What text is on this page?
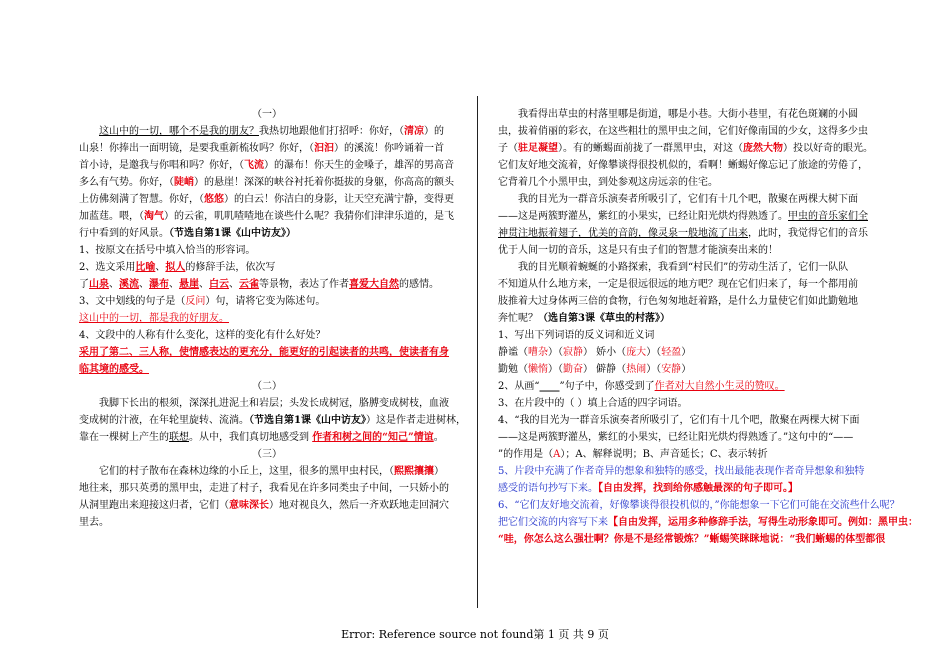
（一）
这山中的一切，哪个不是我的朋友？我热切地跟他们打招呼：你好，（清凉）的
山泉！你捧出一面明镜，是要我重新梳妆吗？你好，（汩汩）的溪流！你吟诵着一首
首小诗，是邀我与你唱和吗？你好，（飞流）的瀑布！你天生的金嗓子，雄浑的男高音
多么有气势。你好，（陡峭）的悬崖！深深的峡谷衬托着你挺拔的身躯，你高高的额头
上仿佛刻满了智慧。你好，（悠悠）的白云！你洁白的身影，让天空充满宁静，变得更
加蓝莛。喂，（淘气）的云雀，叽叽喳喳地在谈些什么呢？我猜你们津津乐道的，是飞
行中看到的好风景。（节选自第1课《山中访友》）
1、按原文在括号中填入恰当的形容词。
2、选文采用比喻、拟人的修辞手法，依次写
了山泉、溪流、瀑布、悬崖、白云、云雀等景物，表达了作者喜爱大自然的感情。
3、文中划线的句子是（反问）句，请将它变为陈述句。
这山中的一切，都是我的好朋友。
4、文段中的人称有什么变化，这样的变化有什么好处？
采用了第二、三人称，使情感表达的更充分，能更好的引起读者的共鸣，使读者有身
临其境的感受。
（二）
我脚下长出的根须，深深扎进泥土和岩层；头发长成树冠，胳膊变成树枝，血液
变成树的汁液，在年轮里旋转、流淌。（节选自第1课《山中访友》）这是作者走进树林，
靠在一棵树上产生的联想。从中，我们真切地感受到 作者和树之间的“知己”情谊。
（三）
它们的村子散布在森林边缘的小丘上，这里，很多的黑甲虫村民，（熙熙攘攘）
地往来，那只英勇的黑甲虫，走进了村子，我看见在许多同类虫子中间，一只娇小的
从洞里跑出来迎接这归者，它们（意味深长）地对视良久，然后一齐欢跃地走回洞穴
里去。
我看得出草虫的村落里哪是街道，哪是小巷。大街小巷里，有花色斑斓的小圆
虫，拔着俏丽的彩衣，在这些粗壮的黑甲虫之间，它们好像南国的少女，这得多少虫
子（驻足凝望）。有的蜥蜴面前拢了一群黑甲虫，对这（庞然大物）投以好奇的眼光。
它们友好地交流着，好像攀谈得很投机似的，看啊！蜥蜴好像忘记了旅途的劳倦了，
它背着几个小黑甲虫，到处参观这房远亲的住宅。
我的目光为一群音乐演奏者所吸引了，它们有十几个吧，散聚在两棵大树下面
——这是两簇野灌丛，紫红的小果实，已经让阳光烘灼得熟透了。甲虫的音乐家们全
神贯注地振着翅子，优美的音韵，像灵泉一般地流了出来，此时，我觉得它们的音乐
优于人间一切的音乐，这是只有虫子们的智慧才能演奏出来的！
我的目光顺着蜿蜒的小路探索，我看到“村民们”的劳动生活了，它们一队队
不知道从什么地方来，一定是很远很远的地方吧？现在它们归来了，每一个都用前
肢推着大过身体两三倍的食物，行色匆匆地赶着路，是什么力量使它们如此勤勉地
奔忙呢？（选自第3课《草虫的村落》）
1、写出下列词语的反义词和近义词
静谧（嘈杂）（寂静） 娇小（庞大）（轻盈）
勤勉（懒惰）（勤奋） 僻静（热闹）（安静）
2、从画“____”句子中，你感受到了作者对大自然小生灵的赞叹。
3、在片段中的（ ）填上合适的四字词语。
4、“我的目光为一群音乐演奏者所吸引了，它们有十几个吧，散聚在两棵大树下面
——这是两簇野灌丛，紫红的小果实，已经让阳光烘灼得熟透了。”这句中的“——
”的作用是（A）；A、解释说明；B、声音延长；C、表示转折
5、片段中充满了作者奇异的想象和独特的感受，找出最能表现作者奇异想象和独特
感受的语句抄写下来。【自由发挥，找到给你感触最深的句子即可。】
6、“它们友好地交流着，好像攀谈得很投机似的，”你能想象一下它们可能在交流些什么呢？
把它们交流的内容写下来【自由发挥，运用多种修辞手法，写得生动形象即可。例如：黑甲虫：
“哇，你怎么这么强壮啊？你是不是经常锻炼？”蜥蜴笑眯眯地说：“我们蜥蜴的体型都很
Error: Reference source not found第 1 页 共 9 页
